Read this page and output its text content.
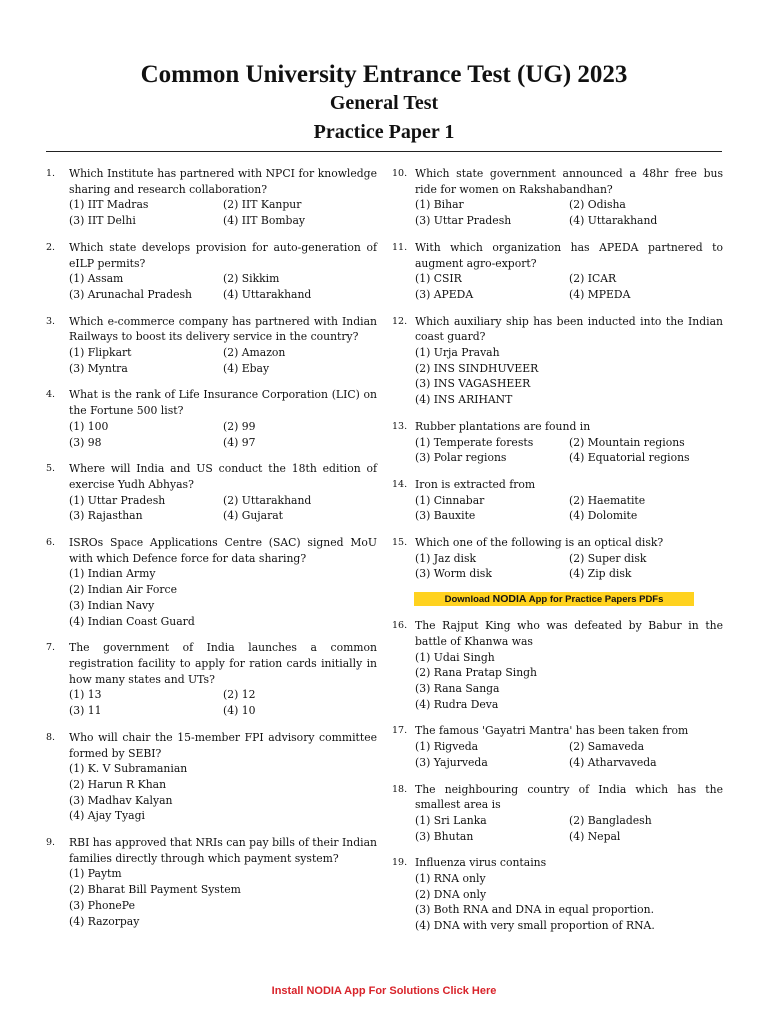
Common University Entrance Test (UG) 2023
General Test
Practice Paper 1
1.	Which Institute has partnered with NPCI for knowledge sharing and research collaboration?
(1) IIT Madras	(2) IIT Kanpur
(3) IIT Delhi	(4) IIT Bombay
2.	Which state develops provision for auto-generation of eILP permits?
(1) Assam	(2) Sikkim
(3) Arunachal Pradesh	(4) Uttarakhand
3.	Which e-commerce company has partnered with Indian Railways to boost its delivery service in the country?
(1) Flipkart	(2) Amazon
(3) Myntra	(4) Ebay
4.	What is the rank of Life Insurance Corporation (LIC) on the Fortune 500 list?
(1) 100	(2) 99
(3) 98	(4) 97
5.	Where will India and US conduct the 18th edition of exercise Yudh Abhyas?
(1) Uttar Pradesh	(2) Uttarakhand
(3) Rajasthan	(4) Gujarat
6.	ISROs Space Applications Centre (SAC) signed MoU with which Defence force for data sharing?
(1) Indian Army
(2) Indian Air Force
(3) Indian Navy
(4) Indian Coast Guard
7.	The government of India launches a common registration facility to apply for ration cards initially in how many states and UTs?
(1) 13	(2) 12
(3) 11	(4) 10
8.	Who will chair the 15-member FPI advisory committee formed by SEBI?
(1) K. V Subramanian
(2) Harun R Khan
(3) Madhav Kalyan
(4) Ajay Tyagi
9.	RBI has approved that NRIs can pay bills of their Indian families directly through which payment system?
(1) Paytm
(2) Bharat Bill Payment System
(3) PhonePe
(4) Razorpay
10. Which state government announced a 48hr free bus ride for women on Rakshabandhan?
(1) Bihar	(2) Odisha
(3) Uttar Pradesh	(4) Uttarakhand
11. With which organization has APEDA partnered to augment agro-export?
(1) CSIR	(2) ICAR
(3) APEDA	(4) MPEDA
12. Which auxiliary ship has been inducted into the Indian coast guard?
(1) Urja Pravah
(2) INS SINDHUVEER
(3) INS VAGASHEER
(4) INS ARIHANT
13. Rubber plantations are found in
(1) Temperate forests	(2) Mountain regions
(3) Polar regions	(4) Equatorial regions
14. Iron is extracted from
(1) Cinnabar	(2) Haematite
(3) Bauxite	(4) Dolomite
15. Which one of the following is an optical disk?
(1) Jaz disk	(2) Super disk
(3) Worm disk	(4) Zip disk
Download NODIA App for Practice Papers PDFs
16. The Rajput King who was defeated by Babur in the battle of Khanwa was
(1) Udai Singh
(2) Rana Pratap Singh
(3) Rana Sanga
(4) Rudra Deva
17. The famous 'Gayatri Mantra' has been taken from
(1) Rigveda	(2) Samaveda
(3) Yajurveda	(4) Atharvaveda
18. The neighbouring country of India which has the smallest area is
(1) Sri Lanka	(2) Bangladesh
(3) Bhutan	(4) Nepal
19. Influenza virus contains
(1) RNA only
(2) DNA only
(3) Both RNA and DNA in equal proportion.
(4) DNA with very small proportion of RNA.
Install NODIA App For Solutions Click Here
